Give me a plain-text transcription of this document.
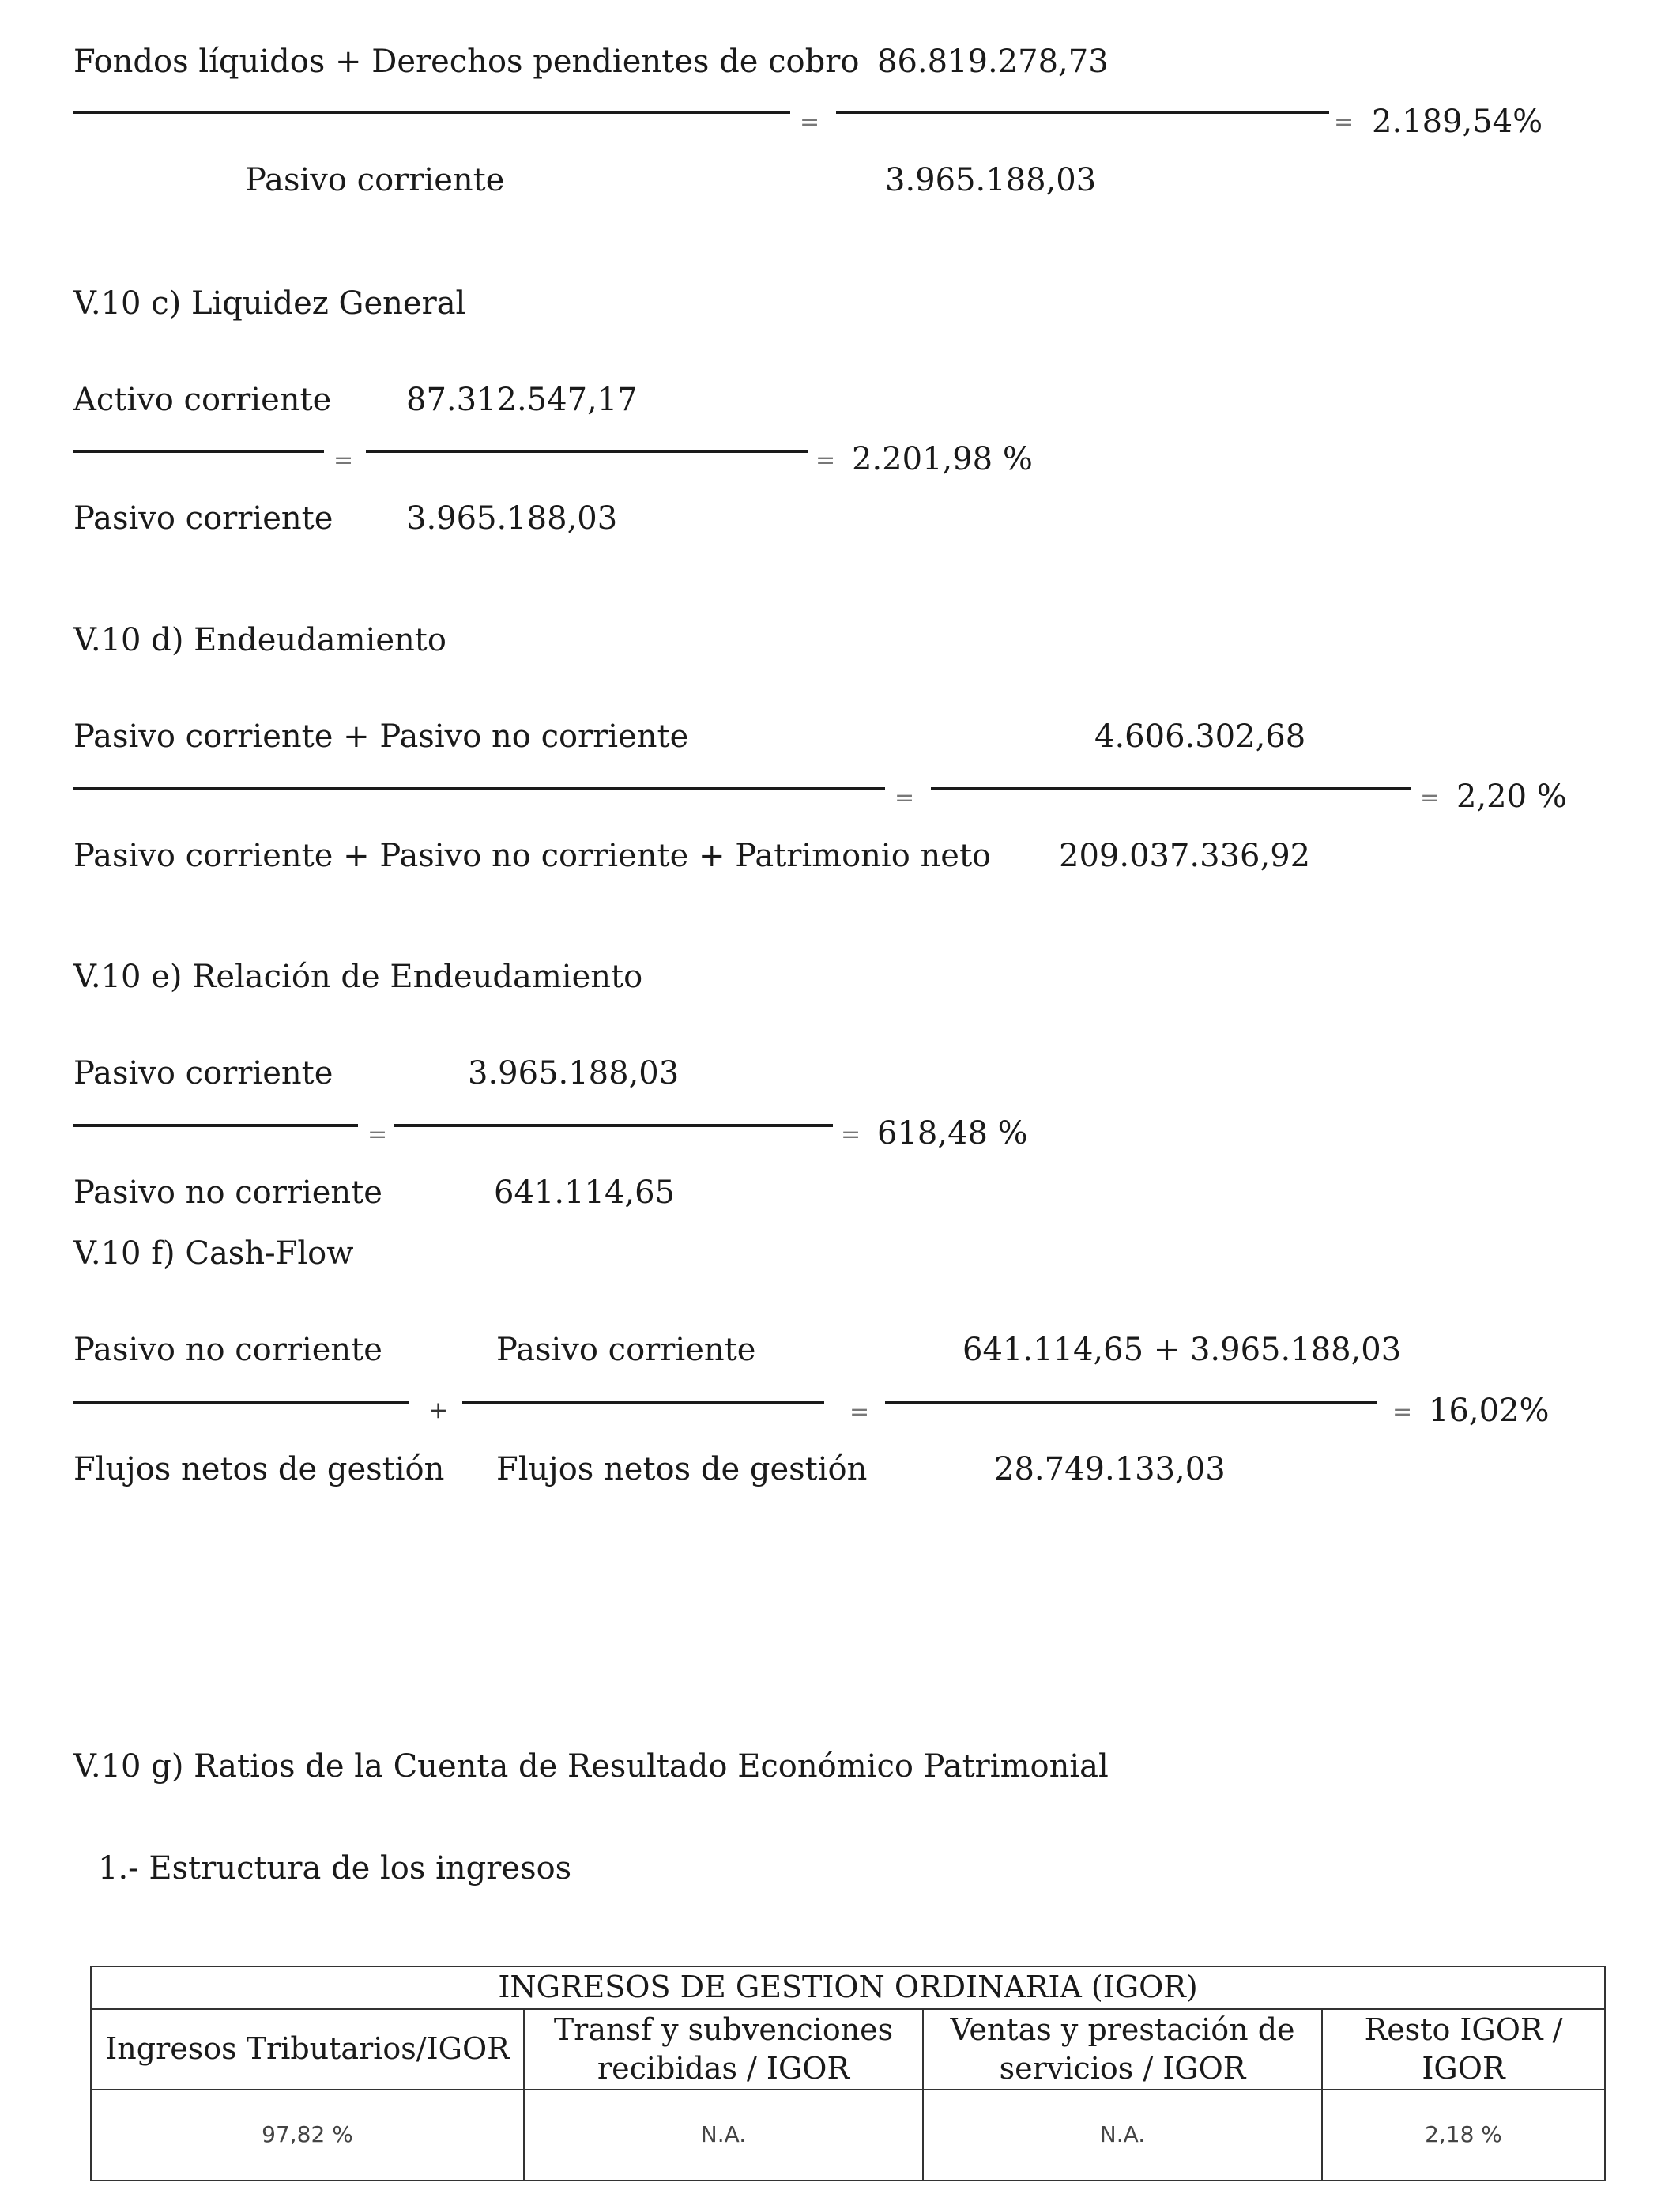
Fondos líquidos + Derechos pendientes de cobro
=
Pasivo corriente
86.819.278,73
3.965.188,03
= 2.189,54%
V.10 c) Liquidez General
Activo corriente
=
Pasivo corriente
87.312.547,17
3.965.188,03
= 2.201,98 %
V.10 d) Endeudamiento
Pasivo corriente + Pasivo no corriente
=
Pasivo corriente + Pasivo no corriente + Patrimonio neto
4.606.302,68
209.037.336,92
= 2,20 %
V.10 e) Relación de Endeudamiento
Pasivo corriente
=
Pasivo no corriente
3.965.188,03
641.114,65
= 618,48 %
V.10 f) Cash-Flow
Pasivo no corriente
Flujos netos de gestión
+
Pasivo corriente
Flujos netos de gestión
=
641.114,65 + 3.965.188,03
28.749.133,03
= 16,02%
V.10 g) Ratios de la Cuenta de Resultado Económico Patrimonial
1.- Estructura de los ingresos
INGRESOS DE GESTION ORDINARIA (IGOR)			
Ingresos Tributarios/IGOR	Transf y subvenciones recibidas / IGOR	Ventas y prestación de servicios / IGOR	Resto IGOR / IGOR
97,82 %	N.A.	N.A.	2,18 %
